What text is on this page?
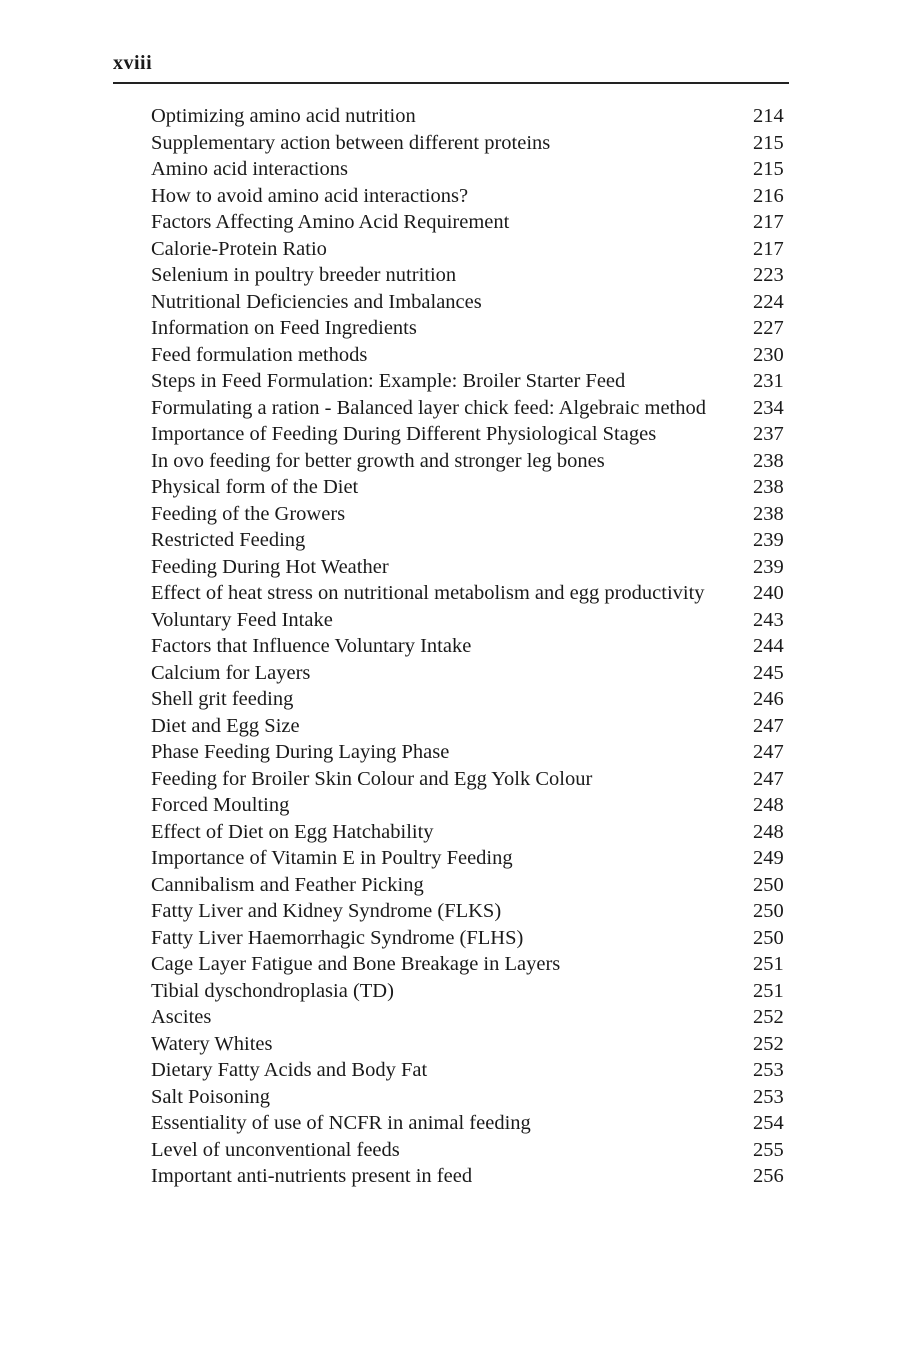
xviii
Optimizing amino acid nutrition	214
Supplementary action between different proteins	215
Amino acid interactions	215
How to avoid amino acid interactions?	216
Factors Affecting Amino Acid Requirement	217
Calorie-Protein Ratio	217
Selenium in poultry breeder nutrition	223
Nutritional Deficiencies and Imbalances	224
Information on Feed Ingredients	227
Feed formulation methods	230
Steps in Feed Formulation: Example: Broiler Starter Feed	231
Formulating a ration - Balanced layer chick feed: Algebraic method	234
Importance of Feeding During Different Physiological Stages	237
In ovo feeding for better growth and stronger leg bones	238
Physical form of the Diet	238
Feeding of the Growers	238
Restricted Feeding	239
Feeding During Hot Weather	239
Effect of heat stress on nutritional metabolism and egg productivity	240
Voluntary Feed Intake	243
Factors that Influence Voluntary Intake	244
Calcium for Layers	245
Shell grit feeding	246
Diet and Egg Size	247
Phase Feeding During Laying Phase	247
Feeding for Broiler Skin Colour and Egg Yolk Colour	247
Forced Moulting	248
Effect of Diet on Egg Hatchability	248
Importance of Vitamin E in Poultry Feeding	249
Cannibalism and Feather Picking	250
Fatty Liver and Kidney Syndrome (FLKS)	250
Fatty Liver Haemorrhagic Syndrome (FLHS)	250
Cage Layer Fatigue and Bone Breakage in Layers	251
Tibial dyschondroplasia (TD)	251
Ascites	252
Watery Whites	252
Dietary Fatty Acids and Body Fat	253
Salt Poisoning	253
Essentiality of use of NCFR in animal feeding	254
Level of unconventional feeds	255
Important anti-nutrients present in feed	256
